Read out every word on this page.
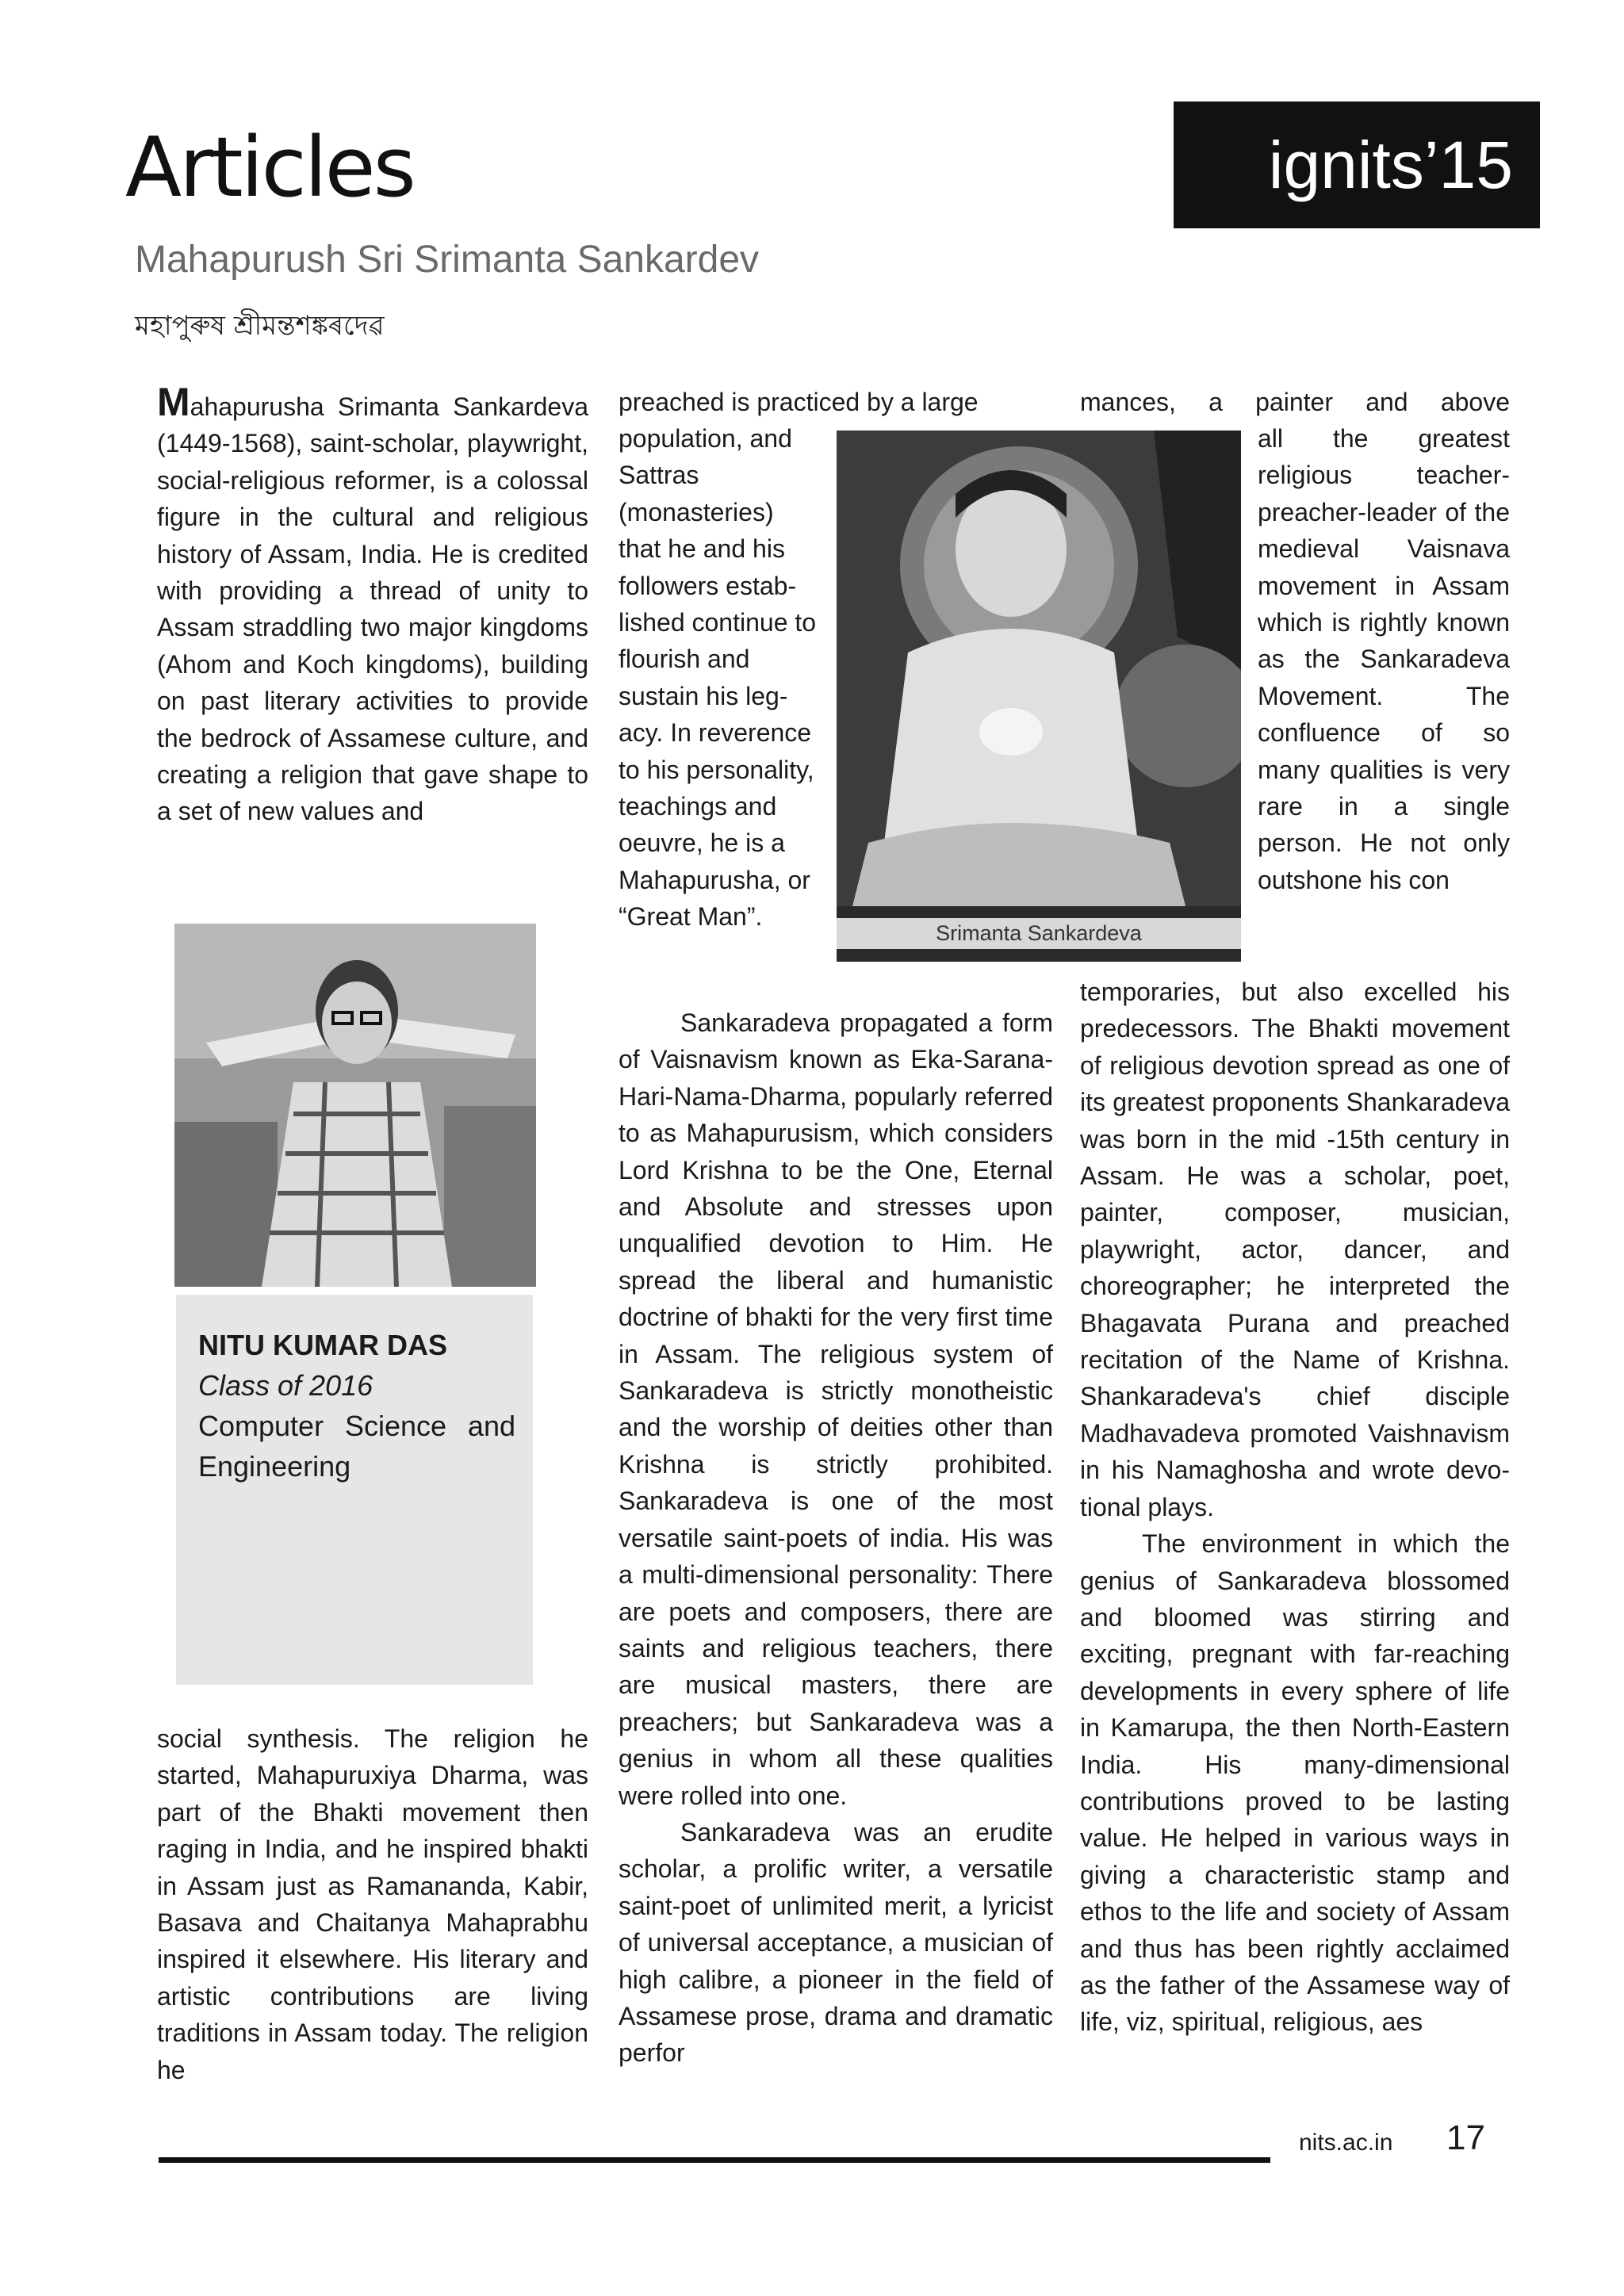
Articles	ignits’15
Mahapurush Sri Srimanta Sankardev
মহাপুৰুষ শ্ৰীমন্তশঙ্কৰদেৱ

Mahapurusha Srimanta Sankardeva (1449-1568), saint-scholar, playwright, social-religious reformer, is a colossal figure in the cultural and religious history of Assam, India. He is credited with providing a thread of unity to Assam straddling two major kingdoms (Ahom and Koch kingdoms), building on past literary activities to provide the bedrock of Assamese culture, and creating a religion that gave shape to a set of new values and

NITU KUMAR DAS
Class of 2016
Computer Science and Engineering

social synthesis. The religion he started, Mahapuruxiya Dharma, was part of the Bhakti movement then raging in India, and he inspired bhakti in Assam just as Ramananda, Kabir, Basava and Chaitanya Mahaprabhu inspired it elsewhere. His literary and artistic contributions are living traditions in Assam today. The religion he

preached is practiced by a large

population, and Sattras (monasteries) that he and his followers established continue to flourish and sustain his legacy. In reverence to his personality, teachings and oeuvre, he is a Mahapurusha, or “Great Man”.

Srimanta Sankardeva

Sankaradeva propagated a form of Vaisnavism known as Eka-Sarana-Hari-Nama-Dharma, popularly referred to as Mahapurusism, which considers Lord Krishna to be the One, Eternal and Absolute and stresses upon unqualified devotion to Him. He spread the liberal and humanistic doctrine of bhakti for the very first time in Assam. The religious system of Sankaradeva is strictly monotheistic and the worship of deities other than Krishna is strictly prohibited. Sankaradeva is one of the most versatile saint-poets of india. His was a multi-dimensional personality: There are poets and composers, there are saints and religious teachers, there are musical masters, there are preachers; but Sankaradeva was a genius in whom all these qualities were rolled into one.

Sankaradeva was an erudite scholar, a prolific writer, a versatile saint-poet of unlimited merit, a lyricist of universal acceptance, a musician of high calibre, a pioneer in the field of Assamese prose, drama and dramatic perfor

mances, a painter and above

all the greatest religious teacher-preacher-leader of the medieval Vaisnava movement in Assam which is rightly known as the Sankaradeva Movement. The confluence of so many qualities is very rare in a single person. He not only outshone his con

temporaries, but also excelled his predecessors. The Bhakti movement of religious devotion spread as one of its greatest proponents Shankaradeva was born in the mid -15th century in Assam. He was a scholar, poet, painter, composer, musician, playwright, actor, dancer, and choreographer; he interpreted the Bhagavata Purana and preached recitation of the Name of Krishna. Shankaradeva's chief disciple Madhavadeva promoted Vaishnavism in his Namaghosha and wrote devotional plays.

The environment in which the genius of Sankaradeva blossomed and bloomed was stirring and exciting, pregnant with far-reaching developments in every sphere of life in Kamarupa, the then North-Eastern India. His many-dimensional contributions proved to be lasting value. He helped in various ways in giving a characteristic stamp and ethos to the life and society of Assam and thus has been rightly acclaimed as the father of the Assamese way of life, viz, spiritual, religious, aes

nits.ac.in 17
